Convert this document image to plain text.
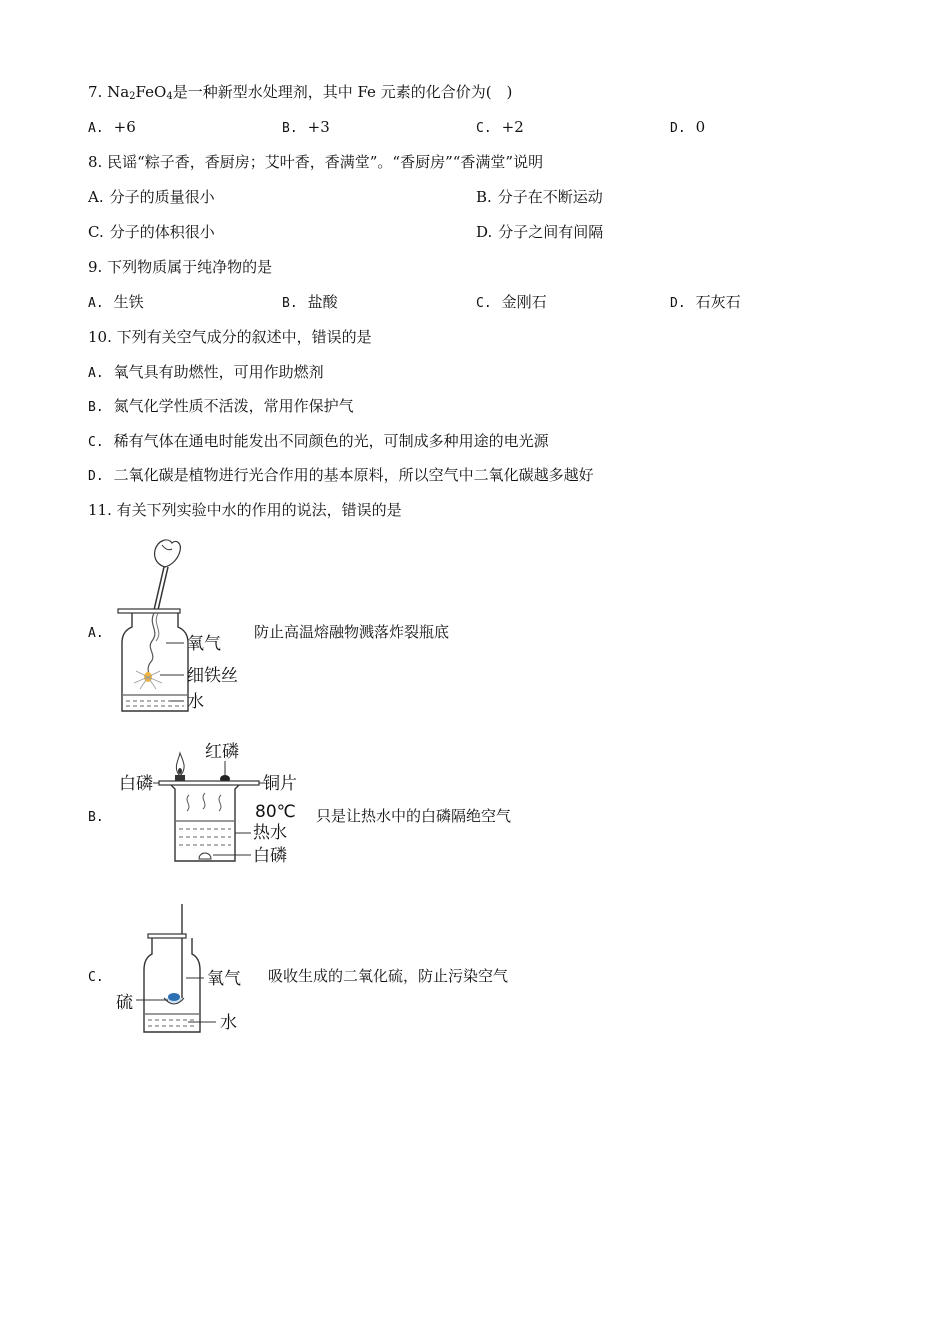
7. $Na_2FeO_4$是一种新型水处理剂，其中 Fe 元素的化合价为(　)
A. +6	B. +3	C. +2	D. 0
8. 民谣“粽子香，香厨房；艾叶香，香满堂”。“香厨房”“香满堂”说明
A. 分子的质量很小	B. 分子在不断运动
C. 分子的体积很小	D. 分子之间有间隔
9. 下列物质属于纯净物的是
A. 生铁	B. 盐酸	C. 金刚石	D. 石灰石
10. 下列有关空气成分的叙述中，错误的是
A. 氧气具有助燃性，可用作助燃剂
B. 氮气化学性质不活泼，常用作保护气
C. 稀有气体在通电时能发出不同颜色的光，可制成多种用途的电光源
D. 二氧化碳是植物进行光合作用的基本原料，所以空气中二氧化碳越多越好
11. 有关下列实验中水的作用的说法，错误的是
A.
氧气
细铁丝
水
防止高温熔融物溅落炸裂瓶底
B.
红磷
白磷	铜片
80℃
热水
白磷
只是让热水中的白磷隔绝空气
C.	氧气
硫
水
吸收生成的二氧化硫，防止污染空气
